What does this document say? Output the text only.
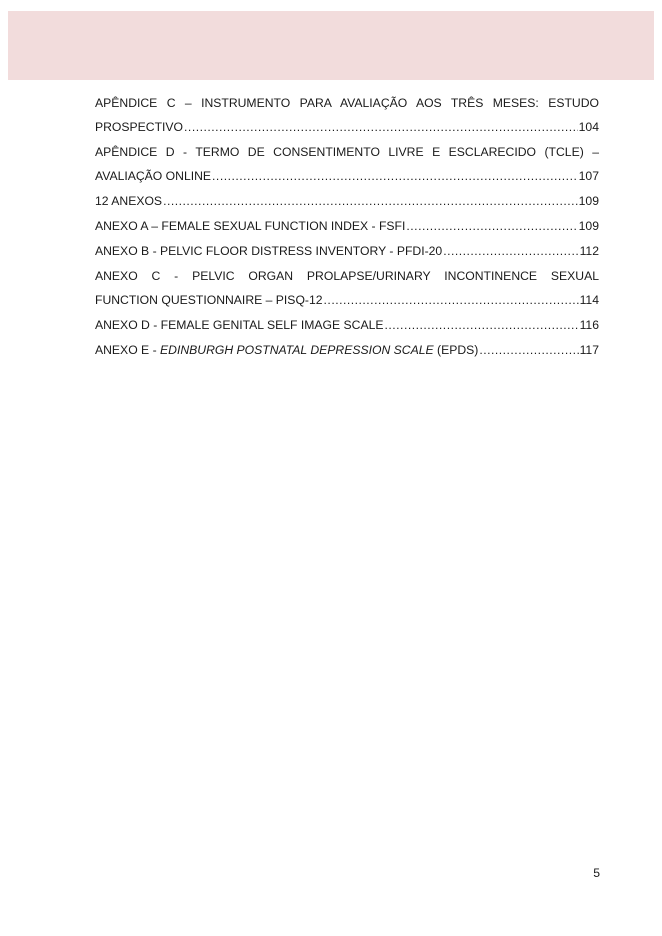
APÊNDICE C – INSTRUMENTO PARA AVALIAÇÃO AOS TRÊS MESES: ESTUDO
PROSPECTIVO .....	104
APÊNDICE D - TERMO DE CONSENTIMENTO LIVRE E ESCLARECIDO (TCLE) –
AVALIAÇÃO ONLINE .....	107
12 ANEXOS .....	109
ANEXO A – FEMALE SEXUAL FUNCTION INDEX - FSFI .....	109
ANEXO B - PELVIC FLOOR DISTRESS INVENTORY - PFDI-20 .....	112
ANEXO C - PELVIC ORGAN PROLAPSE/URINARY INCONTINENCE SEXUAL
FUNCTION QUESTIONNAIRE – PISQ-12 .....	114
ANEXO D - FEMALE GENITAL SELF IMAGE SCALE .....	116
ANEXO E - EDINBURGH POSTNATAL DEPRESSION SCALE (EPDS) .....	117
5
